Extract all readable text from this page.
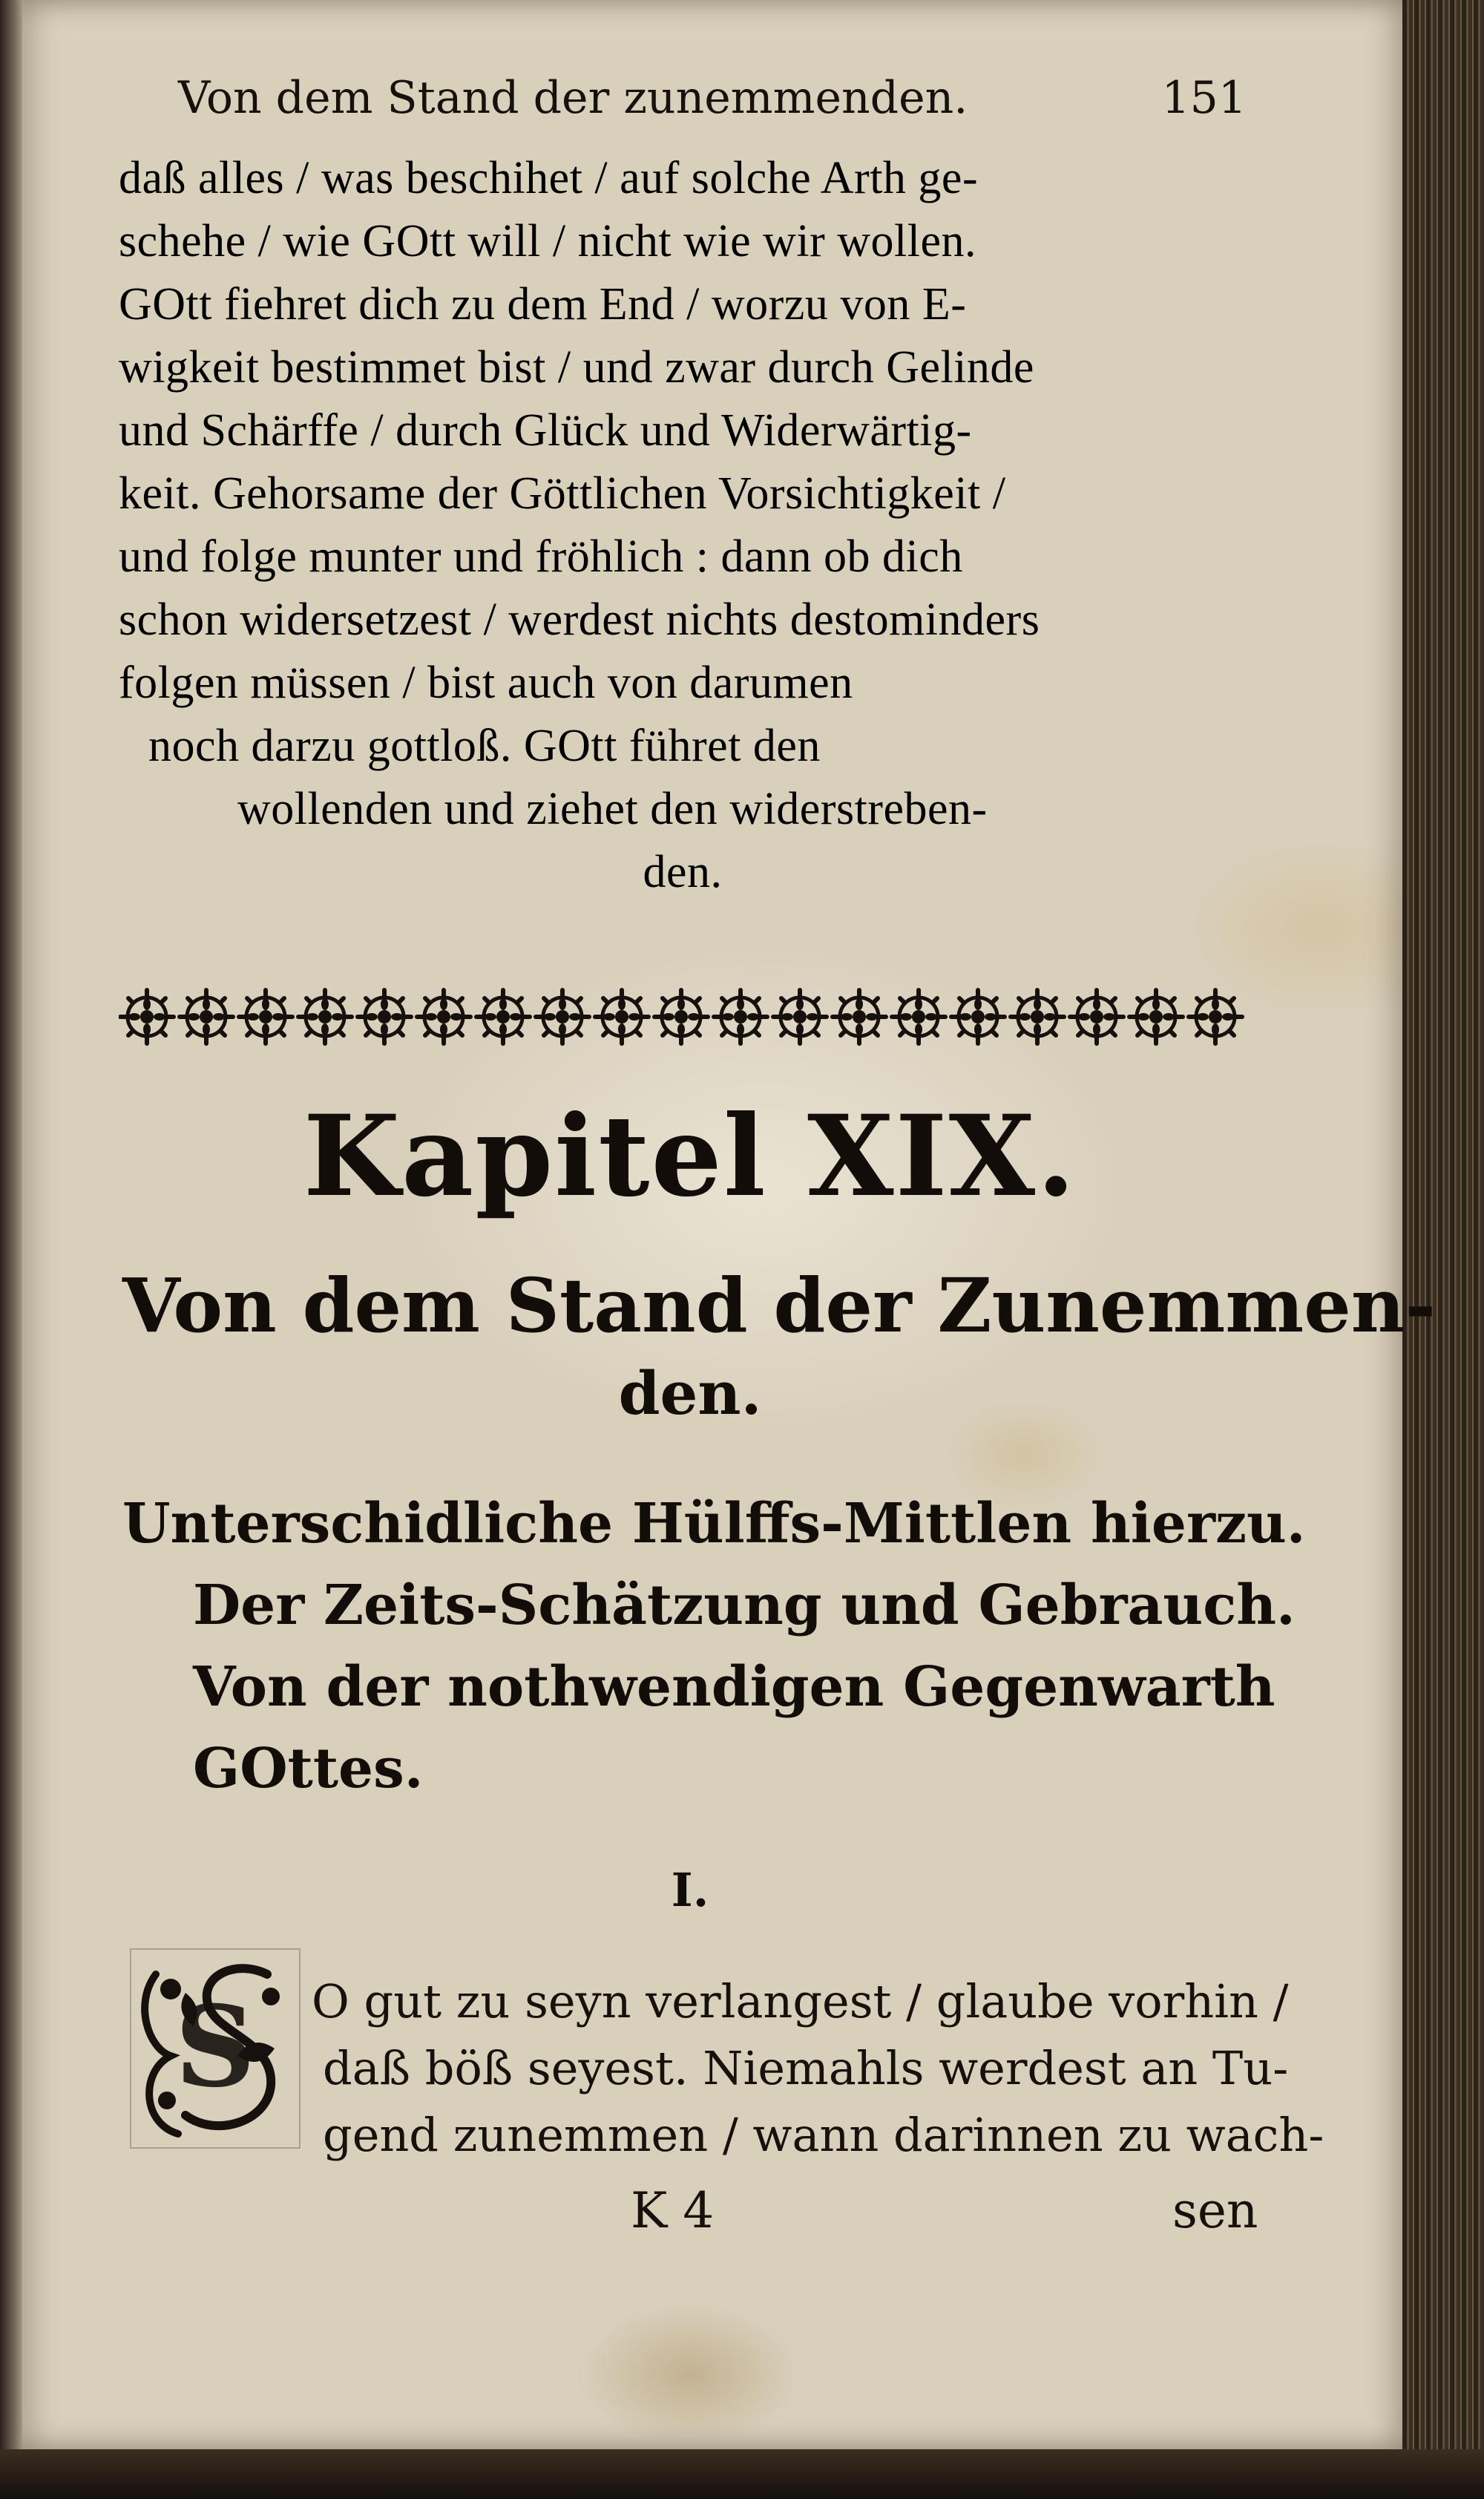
Von dem Stand der zunemmenden.	151
daß alles / was beschihet / auf solche Arth ge-
schehe / wie GOtt will / nicht wie wir wollen.
GOtt fiehret dich zu dem End / worzu von E-
wigkeit bestimmet bist / und zwar durch Gelinde
und Schärffe / durch Glück und Widerwärtig-
keit. Gehorsame der Göttlichen Vorsichtigkeit /
und folge munter und fröhlich : dann ob dich
schon widersetzest / werdest nichts destominders
folgen müssen / bist auch von darumen
noch darzu gottloß. GOtt führet den
wollenden und ziehet den widerstreben-
den.
Kapitel XIX.
Von dem Stand der Zunemmen-
den.
Unterschidliche Hülffs-Mittlen hierzu.
Der Zeits-Schätzung und Gebrauch.
Von der nothwendigen Gegenwarth
GOttes.
I.
S O gut zu seyn verlangest / glaube vorhin /
daß böß seyest. Niemahls werdest an Tu-
gend zunemmen / wann darinnen zu wach-
K 4	sen
